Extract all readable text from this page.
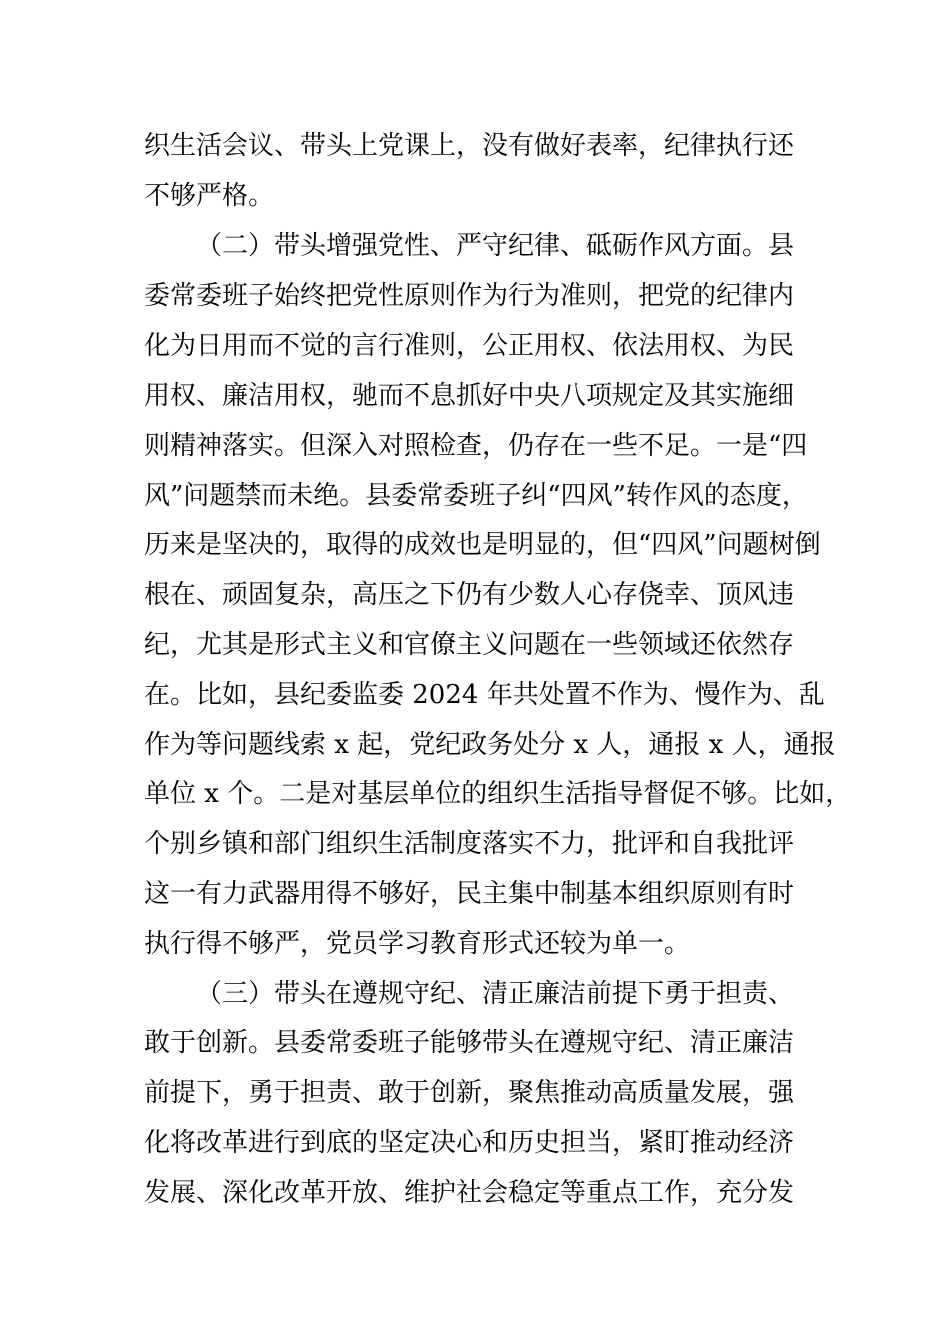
织生活会议、带头上党课上，没有做好表率，纪律执行还
不够严格。
（二）带头增强党性、严守纪律、砥砺作风方面。县
委常委班子始终把党性原则作为行为准则，把党的纪律内
化为日用而不觉的言行准则，公正用权、依法用权、为民
用权、廉洁用权，驰而不息抓好中央八项规定及其实施细
则精神落实。但深入对照检查，仍存在一些不足。一是“四
风”问题禁而未绝。县委常委班子纠“四风”转作风的态度，
历来是坚决的，取得的成效也是明显的，但“四风”问题树倒
根在、顽固复杂，高压之下仍有少数人心存侥幸、顶风违
纪，尤其是形式主义和官僚主义问题在一些领域还依然存
在。比如，县纪委监委 2024 年共处置不作为、慢作为、乱
作为等问题线索 x 起，党纪政务处分 x 人，通报 x 人，通报
单位 x 个。二是对基层单位的组织生活指导督促不够。比如，
个别乡镇和部门组织生活制度落实不力，批评和自我批评
这一有力武器用得不够好，民主集中制基本组织原则有时
执行得不够严，党员学习教育形式还较为单一。
（三）带头在遵规守纪、清正廉洁前提下勇于担责、
敢于创新。县委常委班子能够带头在遵规守纪、清正廉洁
前提下，勇于担责、敢于创新，聚焦推动高质量发展，强
化将改革进行到底的坚定决心和历史担当，紧盯推动经济
发展、深化改革开放、维护社会稳定等重点工作，充分发
